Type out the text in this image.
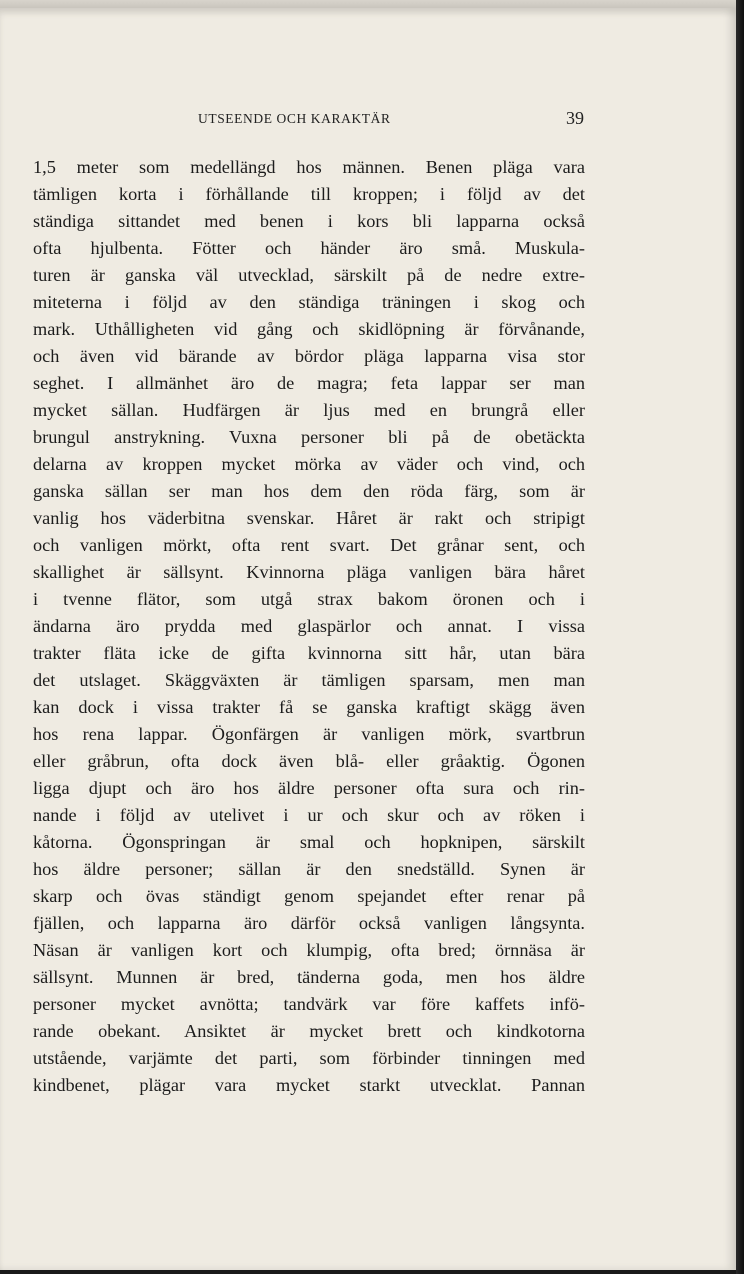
UTSEENDE OCH KARAKTÄR	39
1,5 meter som medellängd hos männen. Benen pläga vara
tämligen korta i förhållande till kroppen; i följd av det
ständiga sittandet med benen i kors bli lapparna också
ofta hjulbenta. Fötter och händer äro små. Muskula-
turen är ganska väl utvecklad, särskilt på de nedre extre-
miteterna i följd av den ständiga träningen i skog och
mark. Uthålligheten vid gång och skidlöpning är förvånande,
och även vid bärande av bördor pläga lapparna visa stor
seghet. I allmänhet äro de magra; feta lappar ser man
mycket sällan. Hudfärgen är ljus med en brungrå eller
brungul anstrykning. Vuxna personer bli på de obetäckta
delarna av kroppen mycket mörka av väder och vind, och
ganska sällan ser man hos dem den röda färg, som är
vanlig hos väderbitna svenskar. Håret är rakt och stripigt
och vanligen mörkt, ofta rent svart. Det grånar sent, och
skallighet är sällsynt. Kvinnorna pläga vanligen bära håret
i tvenne flätor, som utgå strax bakom öronen och i
ändarna äro prydda med glaspärlor och annat. I vissa
trakter fläta icke de gifta kvinnorna sitt hår, utan bära
det utslaget. Skäggväxten är tämligen sparsam, men man
kan dock i vissa trakter få se ganska kraftigt skägg även
hos rena lappar. Ögonfärgen är vanligen mörk, svartbrun
eller gråbrun, ofta dock även blå- eller gråaktig. Ögonen
ligga djupt och äro hos äldre personer ofta sura och rin-
nande i följd av utelivet i ur och skur och av röken i
kåtorna. Ögonspringan är smal och hopknipen, särskilt
hos äldre personer; sällan är den snedställd. Synen är
skarp och övas ständigt genom spejandet efter renar på
fjällen, och lapparna äro därför också vanligen långsynta.
Näsan är vanligen kort och klumpig, ofta bred; örnnäsa är
sällsynt. Munnen är bred, tänderna goda, men hos äldre
personer mycket avnötta; tandvärk var före kaffets infö-
rande obekant. Ansiktet är mycket brett och kindkotorna
utstående, varjämte det parti, som förbinder tinningen med
kindbenet, plägar vara mycket starkt utvecklat. Pannan
